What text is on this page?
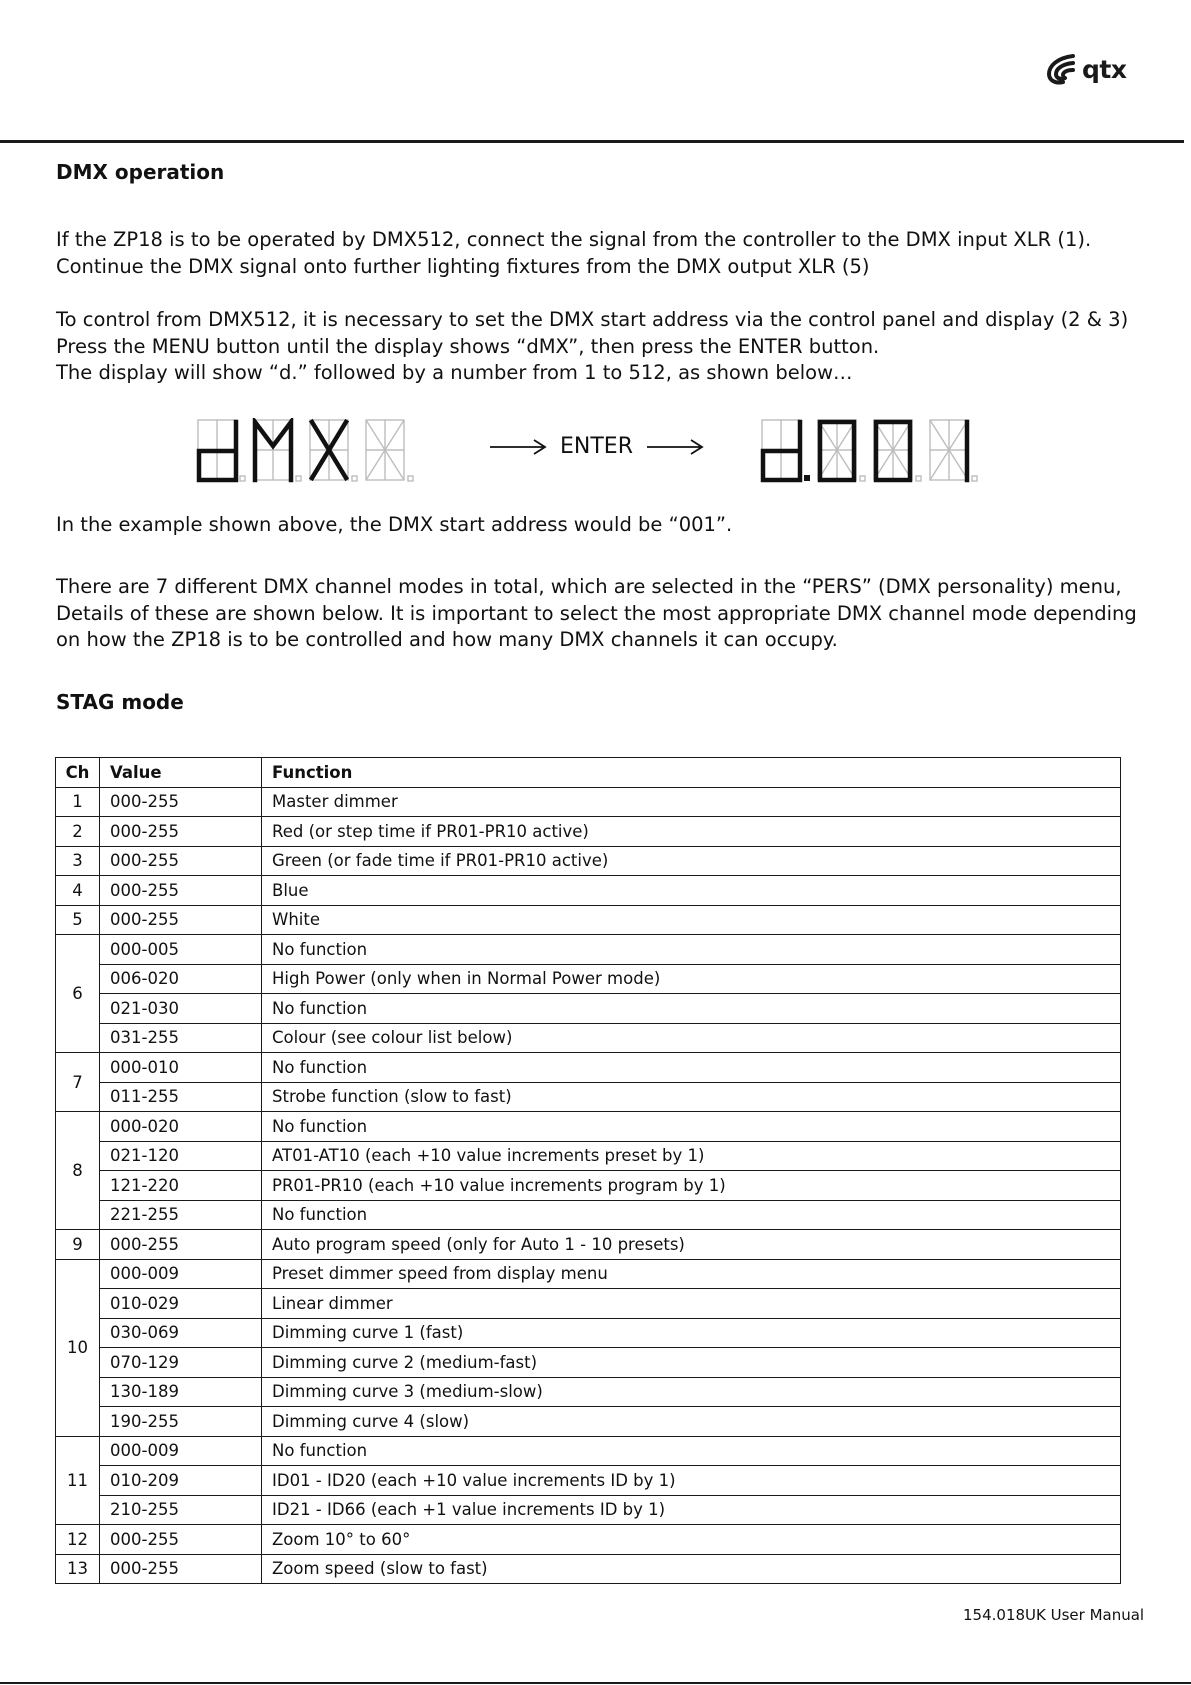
qtx
DMX operation
If the ZP18 is to be operated by DMX512, connect the signal from the controller to the DMX input XLR (1).
Continue the DMX signal onto further lighting fixtures from the DMX output XLR (5)
To control from DMX512, it is necessary to set the DMX start address via the control panel and display (2 & 3)
Press the MENU button until the display shows “dMX”, then press the ENTER button.
The display will show “d.” followed by a number from 1 to 512, as shown below…
ENTER
In the example shown above, the DMX start address would be “001”.
There are 7 different DMX channel modes in total, which are selected in the “PERS” (DMX personality) menu,
Details of these are shown below. It is important to select the most appropriate DMX channel mode depending
on how the ZP18 is to be controlled and how many DMX channels it can occupy.
STAG mode
Ch	Value	Function
1	000-255	Master dimmer
2	000-255	Red (or step time if PR01-PR10 active)
3	000-255	Green (or fade time if PR01-PR10 active)
4	000-255	Blue
5	000-255	White
6	000-005	No function
	006-020	High Power (only when in Normal Power mode)
	021-030	No function
	031-255	Colour (see colour list below)
7	000-010	No function
	011-255	Strobe function (slow to fast)
8	000-020	No function
	021-120	AT01-AT10 (each +10 value increments preset by 1)
	121-220	PR01-PR10 (each +10 value increments program by 1)
	221-255	No function
9	000-255	Auto program speed (only for Auto 1 - 10 presets)
10	000-009	Preset dimmer speed from display menu
	010-029	Linear dimmer
	030-069	Dimming curve 1 (fast)
	070-129	Dimming curve 2 (medium-fast)
	130-189	Dimming curve 3 (medium-slow)
	190-255	Dimming curve 4 (slow)
11	000-009	No function
	010-209	ID01 - ID20 (each +10 value increments ID by 1)
	210-255	ID21 - ID66 (each +1 value increments ID by 1)
12	000-255	Zoom 10° to 60°
13	000-255	Zoom speed (slow to fast)
154.018UK User Manual
